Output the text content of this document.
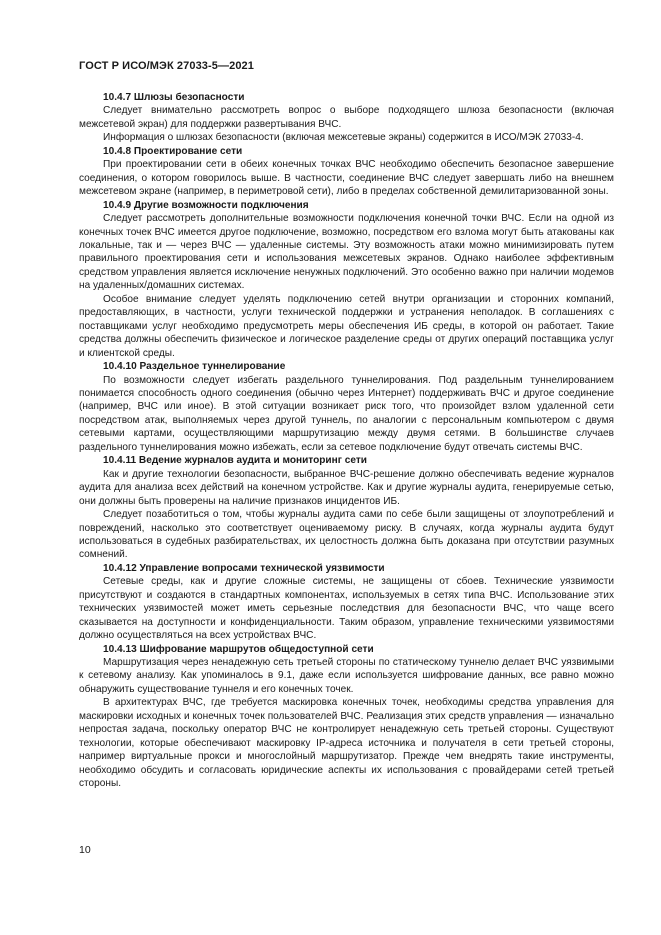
ГОСТ Р ИСО/МЭК 27033-5—2021
10.4.7 Шлюзы безопасности

Следует внимательно рассмотреть вопрос о выборе подходящего шлюза безопасности (включая межсетевой экран) для поддержки развертывания ВЧС.

Информация о шлюзах безопасности (включая межсетевые экраны) содержится в ИСО/МЭК 27033-4.

10.4.8 Проектирование сети

При проектировании сети в обеих конечных точках ВЧС необходимо обеспечить безопасное завершение соединения, о котором говорилось выше. В частности, соединение ВЧС следует завершать либо на внешнем межсетевом экране (например, в периметровой сети), либо в пределах собственной демилитаризованной зоны.

10.4.9 Другие возможности подключения

Следует рассмотреть дополнительные возможности подключения конечной точки ВЧС. Если на одной из конечных точек ВЧС имеется другое подключение, возможно, посредством его взлома могут быть атакованы как локальные, так и — через ВЧС — удаленные системы. Эту возможность атаки можно минимизировать путем правильного проектирования сети и использования межсетевых экранов. Однако наиболее эффективным средством управления является исключение ненужных подключений. Это особенно важно при наличии модемов на удаленных/домашних системах.

Особое внимание следует уделять подключению сетей внутри организации и сторонних компаний, предоставляющих, в частности, услуги технической поддержки и устранения неполадок. В соглашениях с поставщиками услуг необходимо предусмотреть меры обеспечения ИБ среды, в которой он работает. Такие средства должны обеспечить физическое и логическое разделение среды от других операций поставщика услуг и клиентской среды.

10.4.10 Раздельное туннелирование

По возможности следует избегать раздельного туннелирования. Под раздельным туннелированием понимается способность одного соединения (обычно через Интернет) поддерживать ВЧС и другое соединение (например, ВЧС или иное). В этой ситуации возникает риск того, что произойдет взлом удаленной сети посредством атак, выполняемых через другой туннель, по аналогии с персональным компьютером с двумя сетевыми картами, осуществляющими маршрутизацию между двумя сетями. В большинстве случаев раздельного туннелирования можно избежать, если за сетевое подключение будут отвечать системы ВЧС.

10.4.11 Ведение журналов аудита и мониторинг сети

Как и другие технологии безопасности, выбранное ВЧС-решение должно обеспечивать ведение журналов аудита для анализа всех действий на конечном устройстве. Как и другие журналы аудита, генерируемые сетью, они должны быть проверены на наличие признаков инцидентов ИБ.

Следует позаботиться о том, чтобы журналы аудита сами по себе были защищены от злоупотреблений и повреждений, насколько это соответствует оцениваемому риску. В случаях, когда журналы аудита будут использоваться в судебных разбирательствах, их целостность должна быть доказана при отсутствии разумных сомнений.

10.4.12 Управление вопросами технической уязвимости

Сетевые среды, как и другие сложные системы, не защищены от сбоев. Технические уязвимости присутствуют и создаются в стандартных компонентах, используемых в сетях типа ВЧС. Использование этих технических уязвимостей может иметь серьезные последствия для безопасности ВЧС, что чаще всего сказывается на доступности и конфиденциальности. Таким образом, управление техническими уязвимостями должно осуществляться на всех устройствах ВЧС.

10.4.13 Шифрование маршрутов общедоступной сети

Маршрутизация через ненадежную сеть третьей стороны по статическому туннелю делает ВЧС уязвимыми к сетевому анализу. Как упоминалось в 9.1, даже если используется шифрование данных, все равно можно обнаружить существование туннеля и его конечных точек.

В архитектурах ВЧС, где требуется маскировка конечных точек, необходимы средства управления для маскировки исходных и конечных точек пользователей ВЧС. Реализация этих средств управления — изначально непростая задача, поскольку оператор ВЧС не контролирует ненадежную сеть третьей стороны. Существуют технологии, которые обеспечивают маскировку IP-адреса источника и получателя в сети третьей стороны, например виртуальные прокси и многослойный маршрутизатор. Прежде чем внедрять такие инструменты, необходимо обсудить и согласовать юридические аспекты их использования с провайдерами сетей третьей стороны.

10
